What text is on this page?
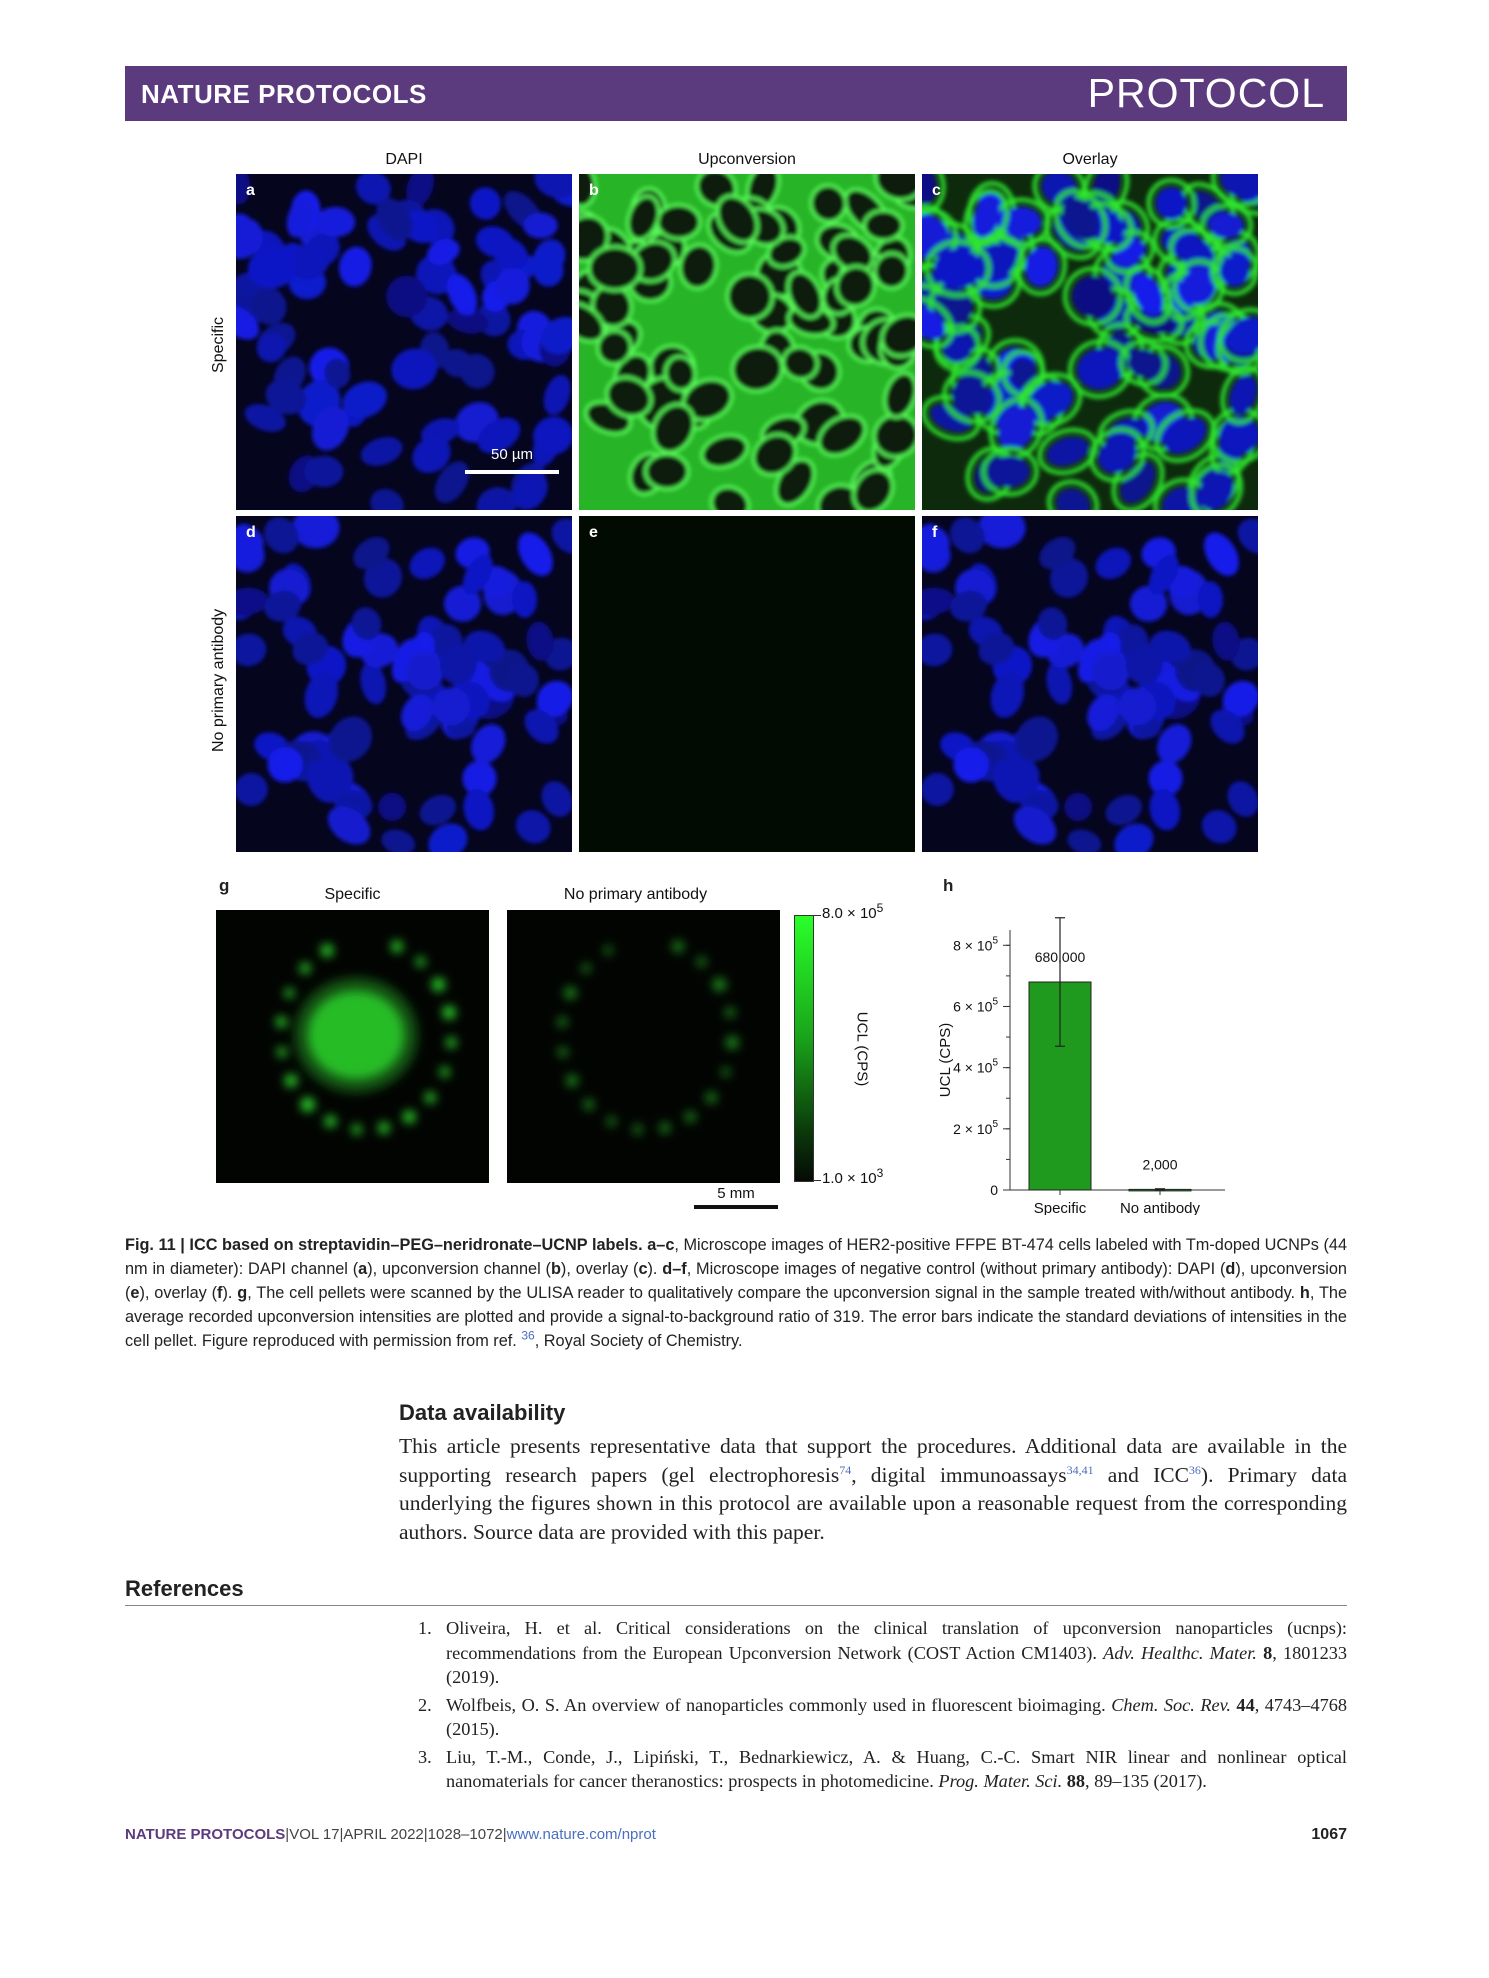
NATURE PROTOCOLS	PROTOCOL
DAPI	Upconversion	Overlay
Specific
No primary antibody
a
50 µm
b	c
d	e	f
g	Specific	No primary antibody
$8.0 \times 10^5$
$1.0 \times 10^3$
UCL (CPS)
5 mm
h
0
$2 \times 10^5$
$4 \times 10^5$
$6 \times 10^5$
$8 \times 10^5$
UCL (CPS)
680,000
Specific
2,000
No antibody
Fig. 11 | ICC based on streptavidin–PEG–neridronate–UCNP labels. a–c, Microscope images of HER2-positive FFPE BT-474 cells labeled with Tm-doped UCNPs (44 nm in diameter): DAPI channel (a), upconversion channel (b), overlay (c). d–f, Microscope images of negative control (without primary antibody): DAPI (d), upconversion (e), overlay (f). g, The cell pellets were scanned by the ULISA reader to qualitatively compare the upconversion signal in the sample treated with/without antibody. h, The average recorded upconversion intensities are plotted and provide a signal-to-background ratio of 319. The error bars indicate the standard deviations of intensities in the cell pellet. Figure reproduced with permission from ref. $^{36}$, Royal Society of Chemistry.
Data availability
This article presents representative data that support the procedures. Additional data are available in the supporting research papers (gel electrophoresis$^{74}$, digital immunoassays$^{34,41}$ and ICC$^{36}$). Primary data underlying the figures shown in this protocol are available upon a reasonable request from the corresponding authors. Source data are provided with this paper.
References
1. Oliveira, H. et al. Critical considerations on the clinical translation of upconversion nanoparticles (ucnps): recommendations from the European Upconversion Network (COST Action CM1403). Adv. Healthc. Mater. 8, 1801233 (2019).
2. Wolfbeis, O. S. An overview of nanoparticles commonly used in fluorescent bioimaging. Chem. Soc. Rev. 44, 4743–4768 (2015).
3. Liu, T.-M., Conde, J., Lipiński, T., Bednarkiewicz, A. & Huang, C.-C. Smart NIR linear and nonlinear optical nanomaterials for cancer theranostics: prospects in photomedicine. Prog. Mater. Sci. 88, 89–135 (2017).
NATURE PROTOCOLS|VOL 17|APRIL 2022|1028–1072|www.nature.com/nprot	1067
